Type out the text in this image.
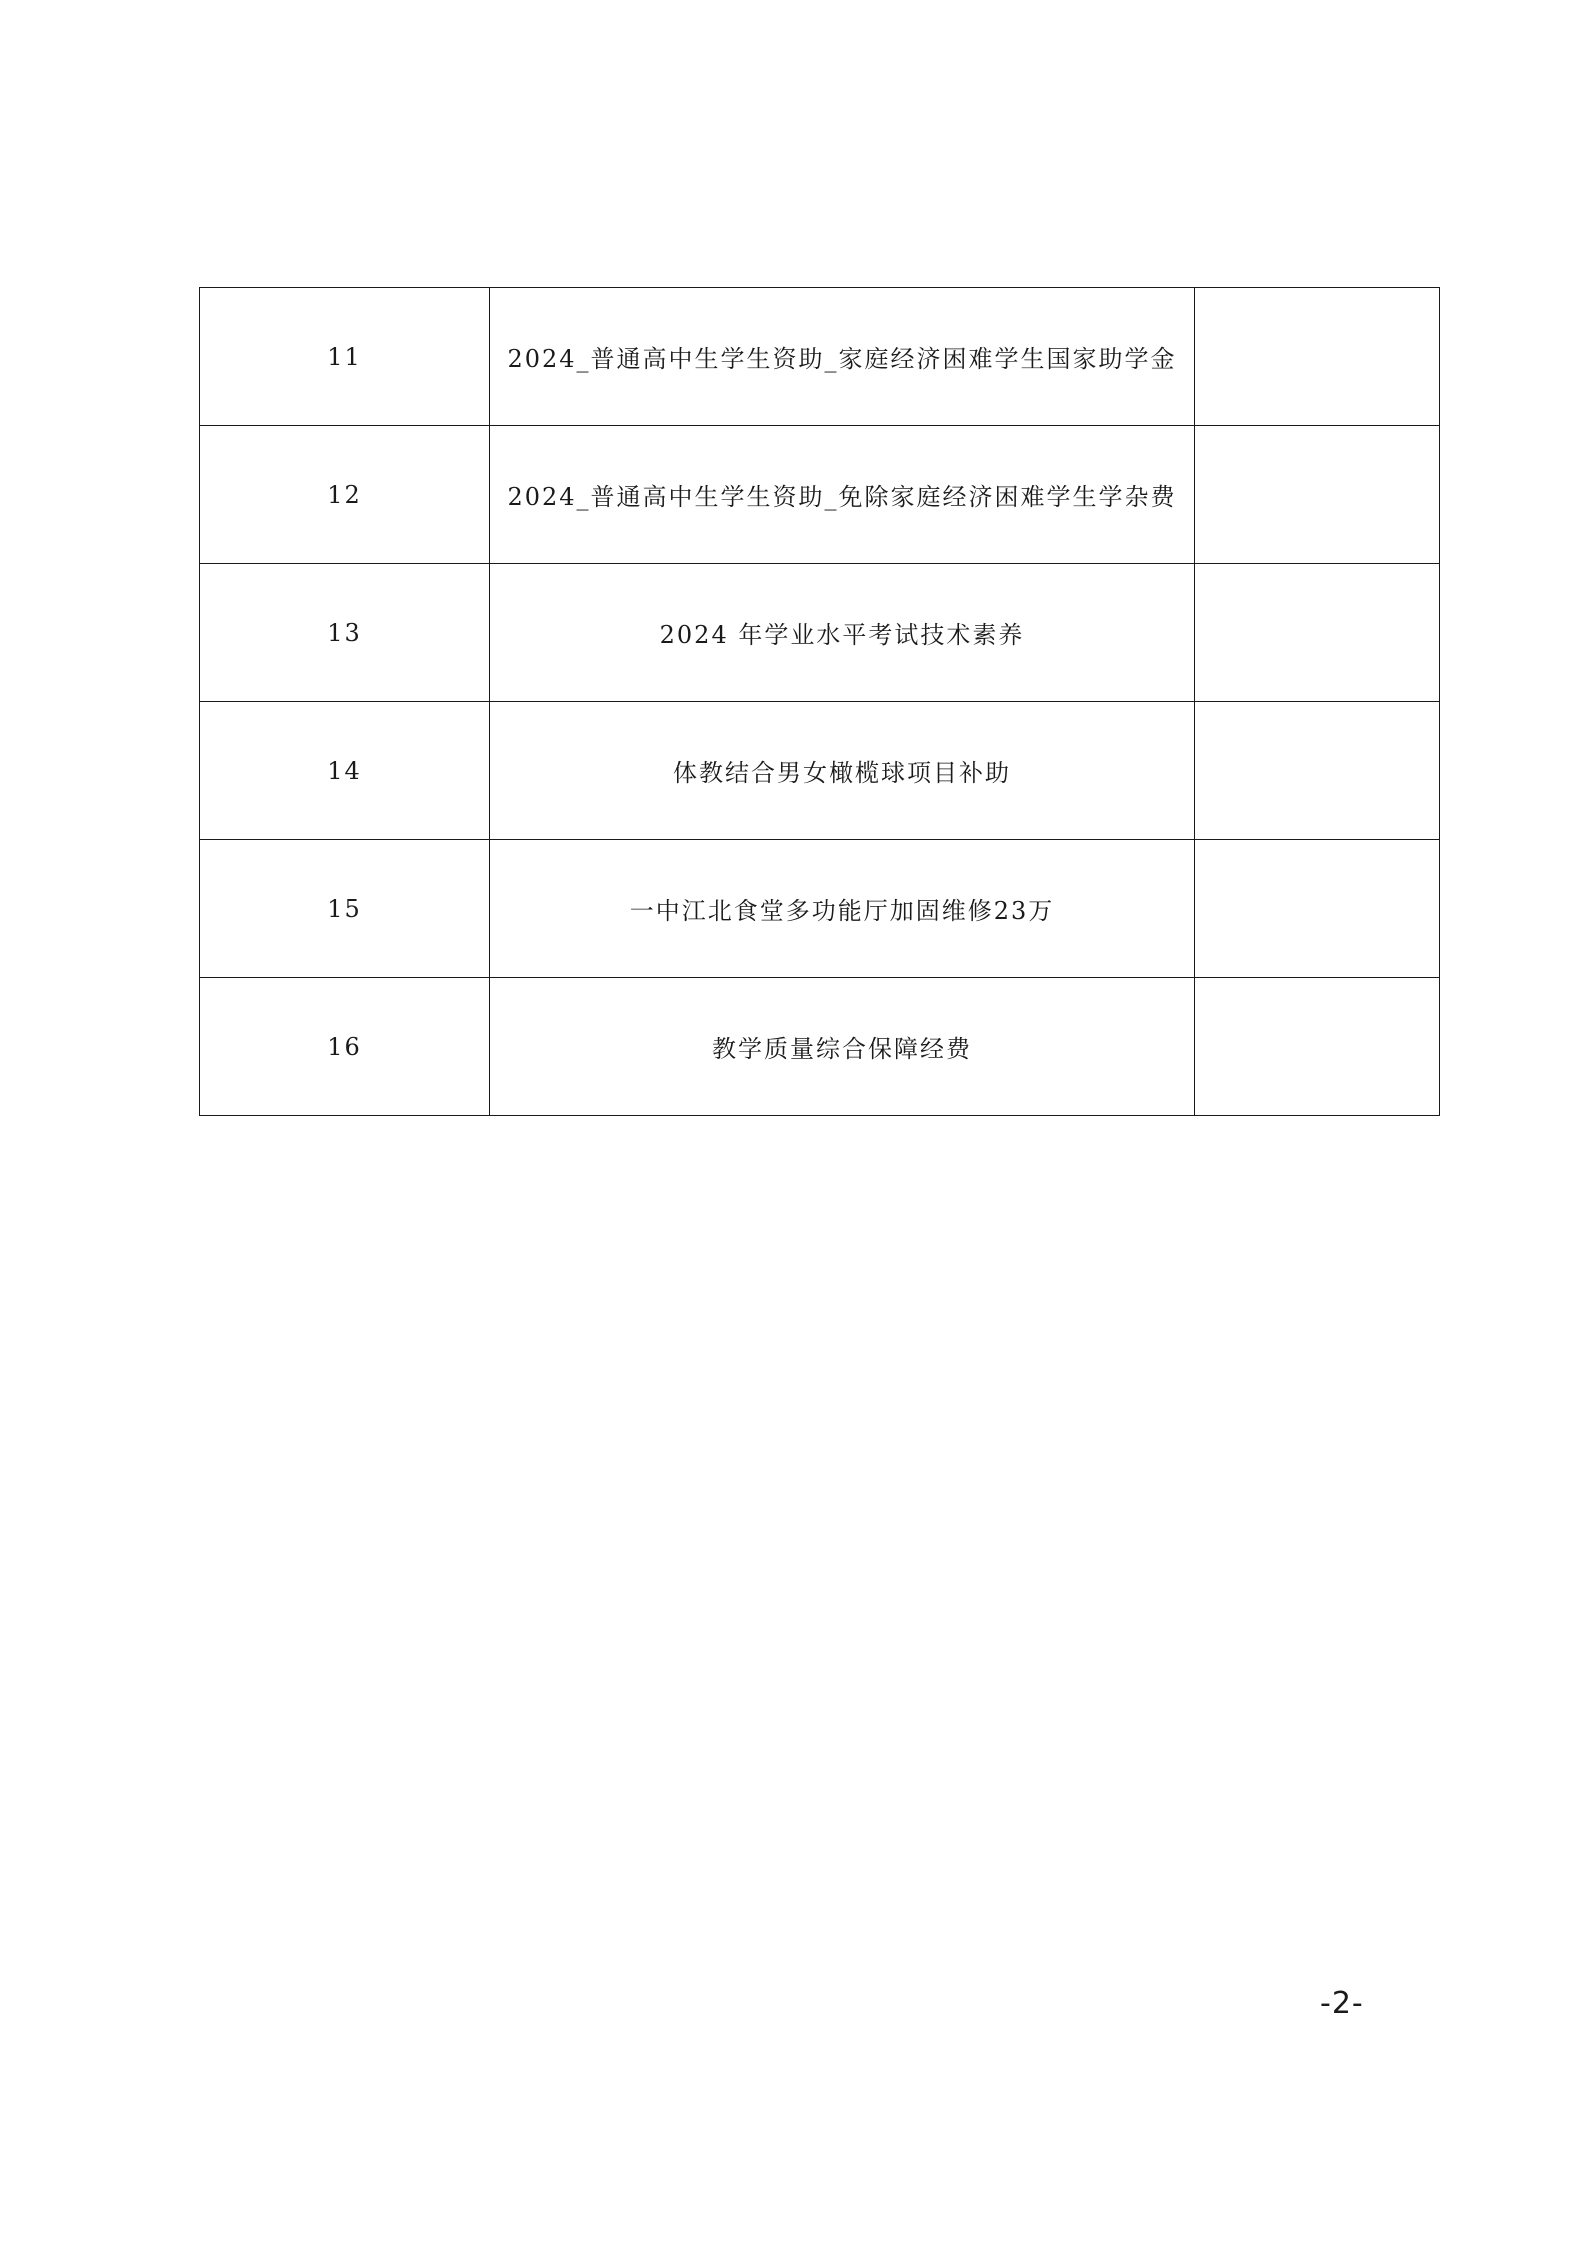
11	2024_普通高中生学生资助_家庭经济困难学生国家助学金	
12	2024_普通高中生学生资助_免除家庭经济困难学生学杂费	
13	2024 年学业水平考试技术素养	
14	体教结合男女橄榄球项目补助	
15	一中江北食堂多功能厅加固维修23万	
16	教学质量综合保障经费	
-2-
